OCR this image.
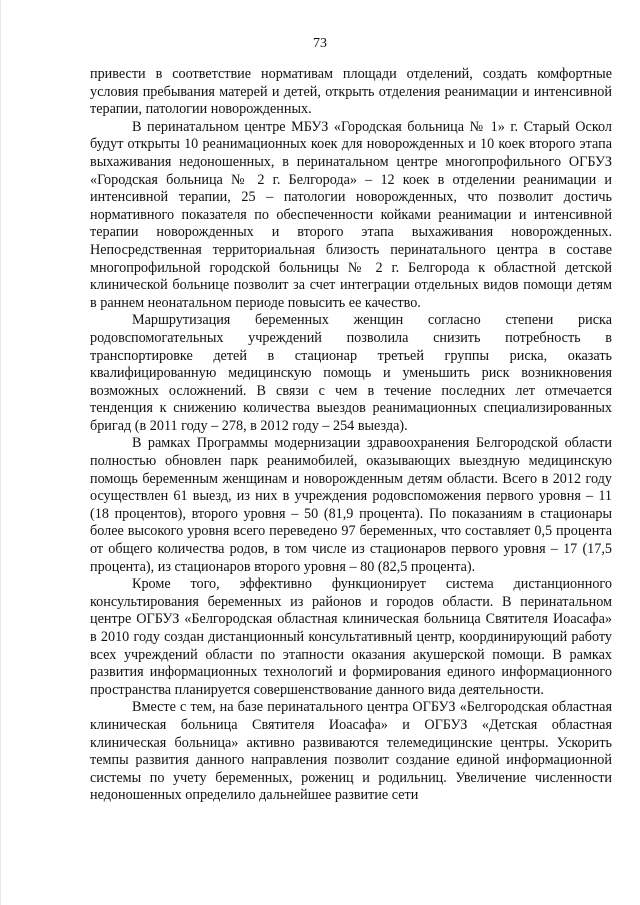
73

привести в соответствие нормативам площади отделений, создать комфортные условия пребывания матерей и детей, открыть отделения реанимации и интенсивной терапии, патологии новорожденных.

В перинатальном центре МБУЗ «Городская больница № 1» г. Старый Оскол будут открыты 10 реанимационных коек для новорожденных и 10 коек второго этапа выхаживания недоношенных, в перинатальном центре многопрофильного ОГБУЗ «Городская больница № 2 г. Белгорода» – 12 коек в отделении реанимации и интенсивной терапии, 25 – патологии новорожденных, что позволит достичь нормативного показателя по обеспеченности койками реанимации и интенсивной терапии новорожденных и второго этапа выхаживания новорожденных. Непосредственная территориальная близость перинатального центра в составе многопрофильной городской больницы № 2 г. Белгорода к областной детской клинической больнице позволит за счет интеграции отдельных видов помощи детям в раннем неонатальном периоде повысить ее качество.

Маршрутизация беременных женщин согласно степени риска родовспомогательных учреждений позволила снизить потребность в транспортировке детей в стационар третьей группы риска, оказать квалифицированную медицинскую помощь и уменьшить риск возникновения возможных осложнений. В связи с чем в течение последних лет отмечается тенденция к снижению количества выездов реанимационных специализированных бригад (в 2011 году – 278, в 2012 году – 254 выезда).

В рамках Программы модернизации здравоохранения Белгородской области полностью обновлен парк реанимобилей, оказывающих выездную медицинскую помощь беременным женщинам и новорожденным детям области. Всего в 2012 году осуществлен 61 выезд, из них в учреждения родовспоможения первого уровня – 11 (18 процентов), второго уровня – 50 (81,9 процента). По показаниям в стационары более высокого уровня всего переведено 97 беременных, что составляет 0,5 процента от общего количества родов, в том числе из стационаров первого уровня – 17 (17,5 процента), из стационаров второго уровня – 80 (82,5 процента).

Кроме того, эффективно функционирует система дистанционного консультирования беременных из районов и городов области. В перинатальном центре ОГБУЗ «Белгородская областная клиническая больница Святителя Иоасафа» в 2010 году создан дистанционный консультативный центр, координирующий работу всех учреждений области по этапности оказания акушерской помощи. В рамках развития информационных технологий и формирования единого информационного пространства планируется совершенствование данного вида деятельности.

Вместе с тем, на базе перинатального центра ОГБУЗ «Белгородская областная клиническая больница Святителя Иоасафа» и ОГБУЗ «Детская областная клиническая больница» активно развиваются телемедицинские центры. Ускорить темпы развития данного направления позволит создание единой информационной системы по учету беременных, рожениц и родильниц. Увеличение численности недоношенных определило дальнейшее развитие сети
